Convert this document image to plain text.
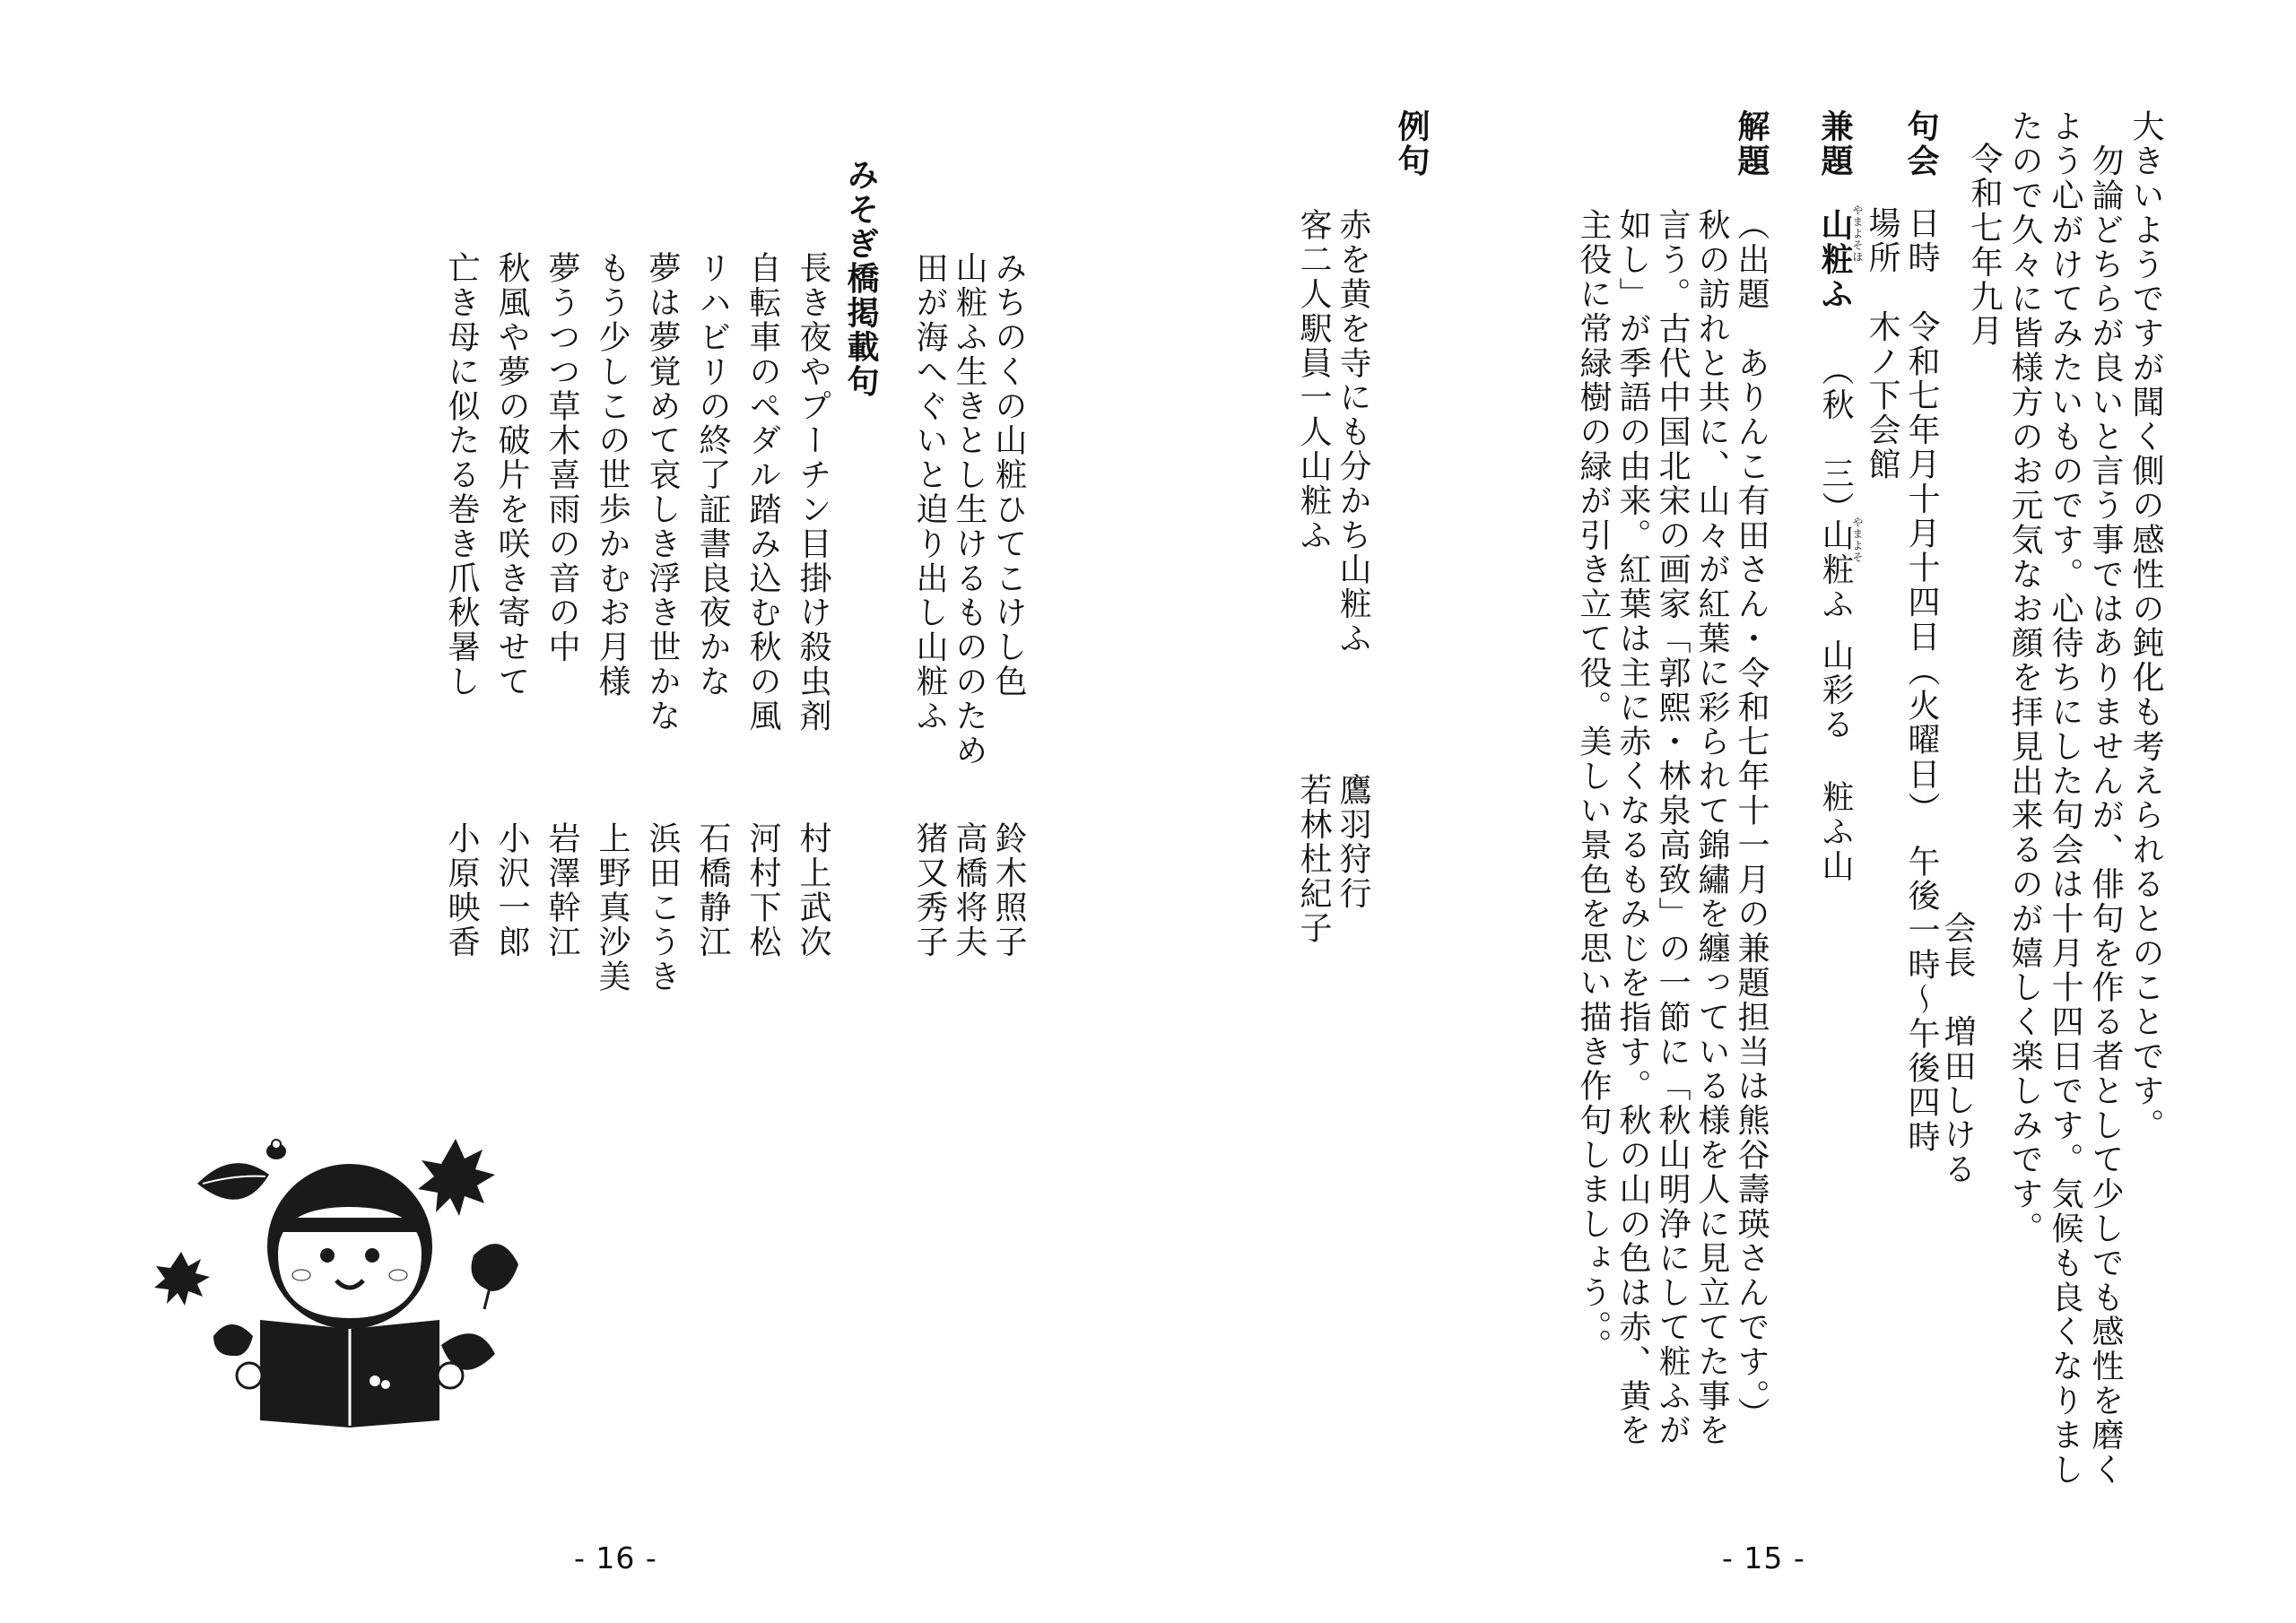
大きいようですが聞く側の感性の鈍化も考えられるとのことです。
　勿論どちらが良いと言う事ではありませんが、俳句を作る者として少しでも感性を磨く
よう心がけてみたいものです。心待ちにした句会は十月十四日です。気候も良くなりまし
たので久々に皆様方のお元気なお顔を拝見出来るのが嬉しく楽しみです。
令和七年九月
会長　増田しける
句会
日時　令和七年月十月十四日（火曜日）　午後一時〜午後四時
場所　木ノ下会館
兼題
山粧ふ
やまよそほ
（秋　三）
山粧ふ
やまよそ
山彩る
粧ふ山
解題
（出題　ありんこ有田さん・令和七年十一月の兼題担当は熊谷壽瑛さんです。）
秋の訪れと共に、山々が紅葉に彩られて錦繡を纏っている様を人に見立てた事を
言う。古代中国北宋の画家「郭熙・林泉高致」の一節に「秋山明浄にして粧ふが
如し」が季語の由来。紅葉は主に赤くなるもみじを指す。秋の山の色は赤、黄を
主役に常緑樹の緑が引き立て役。美しい景色を思い描き作句しましょう。。
例句
赤を黄を寺にも分かち山粧ふ
鷹羽狩行
客二人駅員一人山粧ふ
若林杜紀子
- 15 -
みちのくの山粧ひてこけし色
鈴木照子
山粧ふ生きとし生けるもののため
高橋将夫
田が海へぐいと迫り出し山粧ふ
猪又秀子
みそぎ橋掲載句
長き夜やプーチン目掛け殺虫剤
村上武次
自転車のペダル踏み込む秋の風
河村下松
リハビリの終了証書良夜かな
石橋静江
夢は夢覚めて哀しき浮き世かな
浜田こうき
もう少しこの世歩かむお月様
上野真沙美
夢うつつ草木喜雨の音の中
岩澤幹江
秋風や夢の破片を咲き寄せて
小沢一郎
亡き母に似たる巻き爪秋暑し
小原映香
- 16 -
